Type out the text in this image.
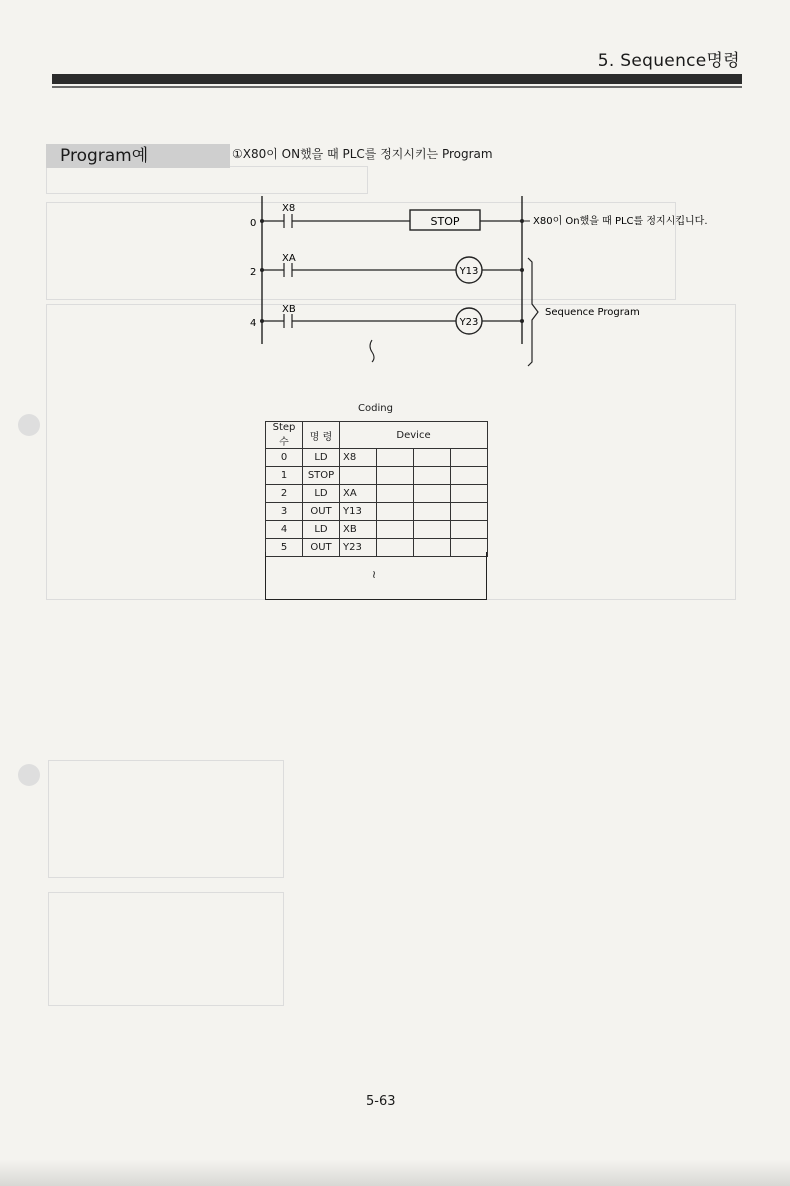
5. Sequence명령
Program예	①X80이 ON했을 때 PLC를 정지시키는 Program
0
X8
STOP	X80이 On했을 때 PLC를 정지시킵니다.
2
XA
Y13
4
XB
Y23
Sequence Program
Coding
Step수	명 령	Device			
0	LD	X8			
1	STOP				
2	LD	XA			
3	OUT	Y13			
4	LD	XB			
5	OUT	Y23			
≀
5-63
